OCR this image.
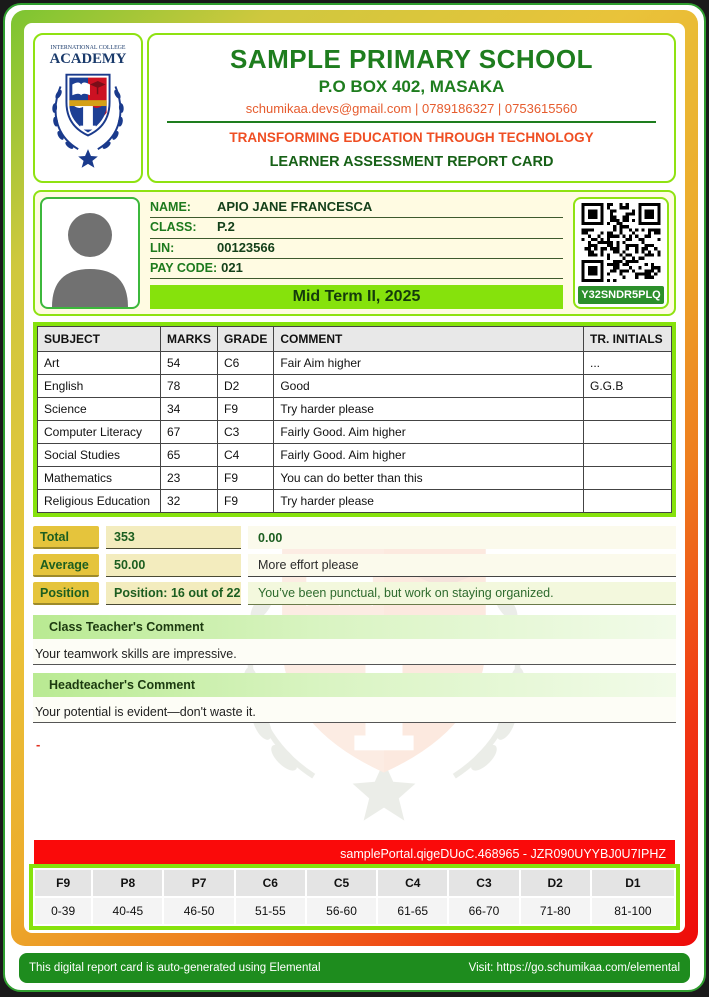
INTERNATIONAL COLLEGE
ACADEMY	SAMPLE PRIMARY SCHOOL
P.O BOX 402, MASAKA
schumikaa.devs@gmail.com | 0789186327 | 0753615560
TRANSFORMING EDUCATION THROUGH TECHNOLOGY
LEARNER ASSESSMENT REPORT CARD
NAME:	APIO JANE FRANCESCA
CLASS:	P.2
LIN:	00123566
PAY CODE: 021
Mid Term II, 2025	Y32SNDR5PLQ
SUBJECT	MARKS	GRADE	COMMENT	TR. INITIALS
Art	54	C6	Fair Aim higher	...
English	78	D2	Good	G.G.B
Science	34	F9	Try harder please	
Computer Literacy	67	C3	Fairly Good. Aim higher	
Social Studies	65	C4	Fairly Good. Aim higher	
Mathematics	23	F9	You can do better than this	
Religious Education	32	F9	Try harder please	
Total	353	0.00
Average	50.00	More effort please
Position	Position: 16 out of 22	You’ve been punctual, but work on staying organized.
Class Teacher's Comment
Your teamwork skills are impressive.
Headteacher's Comment
Your potential is evident—don't waste it.
-
samplePortal.qigeDUoC.468965 - JZR090UYYBJ0U7IPHZ
F9	P8	P7	C6	C5	C4	C3	D2	D1
0-39	40-45	46-50	51-55	56-60	61-65	66-70	71-80	81-100
This digital report card is auto-generated using Elemental	Visit: https://go.schumikaa.com/elemental
